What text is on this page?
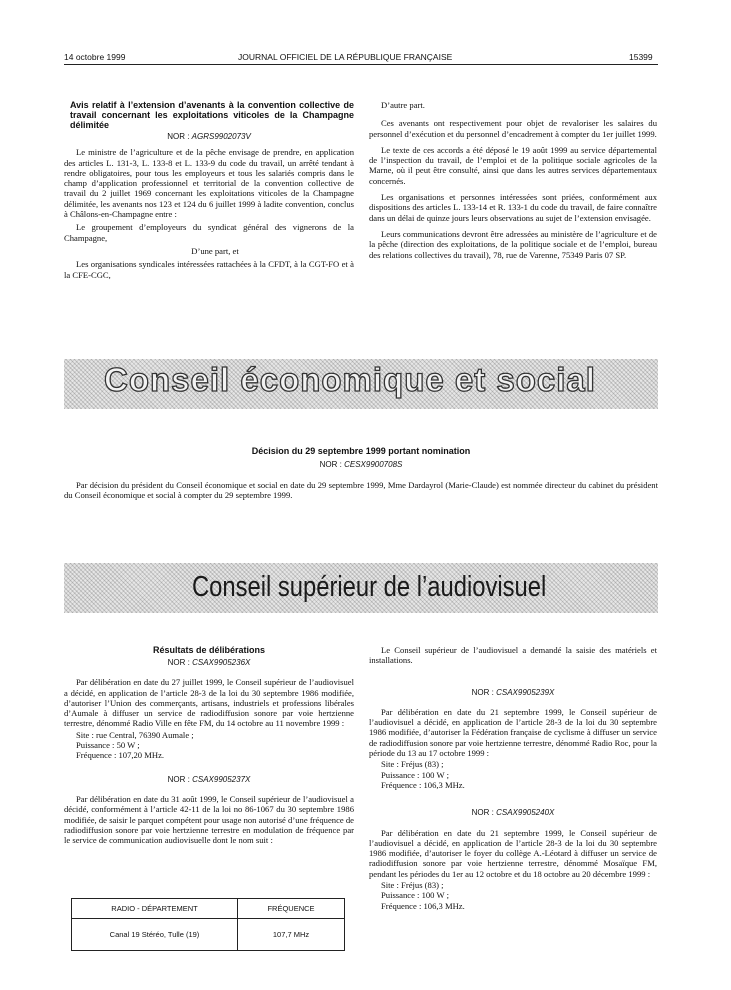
14 octobre 1999	JOURNAL OFFICIEL DE LA RÉPUBLIQUE FRANÇAISE	15399
Avis relatif à l’extension d’avenants à la convention collective de travail concernant les exploitations viticoles de la Champagne délimitée
NOR : AGRS9902073V

Le ministre de l’agriculture et de la pêche envisage de prendre, en application des articles L. 131-3, L. 133-8 et L. 133-9 du code du travail, un arrêté tendant à rendre obligatoires, pour tous les employeurs et tous les salariés compris dans le champ d’application professionnel et territorial de la convention collective de travail du 2 juillet 1969 concernant les exploitations viticoles de la Champagne délimitée, les avenants nos 123 et 124 du 6 juillet 1999 à ladite convention, conclus à Châlons-en-Champagne entre :

Le groupement d’employeurs du syndicat général des vignerons de la Champagne,

D’une part, et

Les organisations syndicales intéressées rattachées à la CFDT, à la CGT-FO et à la CFE-CGC,

D’autre part.

Ces avenants ont respectivement pour objet de revaloriser les salaires du personnel d’exécution et du personnel d’encadrement à compter du 1er juillet 1999.

Le texte de ces accords a été déposé le 19 août 1999 au service départemental de l’inspection du travail, de l’emploi et de la politique sociale agricoles de la Marne, où il peut être consulté, ainsi que dans les autres services départementaux concernés.

Les organisations et personnes intéressées sont priées, conformément aux dispositions des articles L. 133-14 et R. 133-1 du code du travail, de faire connaître dans un délai de quinze jours leurs observations au sujet de l’extension envisagée.

Leurs communications devront être adressées au ministère de l’agriculture et de la pêche (direction des exploitations, de la politique sociale et de l’emploi, bureau des relations collectives du travail), 78, rue de Varenne, 75349 Paris 07 SP.

Conseil économique et social
Décision du 29 septembre 1999 portant nomination
NOR : CESX9900708S

Par décision du président du Conseil économique et social en date du 29 septembre 1999, Mme Dardayrol (Marie-Claude) est nommée directeur du cabinet du président du Conseil économique et social à compter du 29 septembre 1999.

Conseil supérieur de l’audiovisuel
Résultats de délibérations
NOR : CSAX9905236X

Par délibération en date du 27 juillet 1999, le Conseil supérieur de l’audiovisuel a décidé, en application de l’article 28-3 de la loi du 30 septembre 1986 modifiée, d’autoriser l’Union des commerçants, artisans, industriels et professions libérales d’Aumale à diffuser un service de radiodiffusion sonore par voie hertzienne terrestre, dénommé Radio Ville en fête FM, du 14 octobre au 11 novembre 1999 :

Site : rue Central, 76390 Aumale ;

Puissance : 50 W ;

Fréquence : 107,20 MHz.

NOR : CSAX9905237X

Par délibération en date du 31 août 1999, le Conseil supérieur de l’audiovisuel a décidé, conformément à l’article 42-11 de la loi no 86-1067 du 30 septembre 1986 modifiée, de saisir le parquet compétent pour usage non autorisé d’une fréquence de radiodiffusion sonore par voie hertzienne terrestre en modulation de fréquence par le service de communication audiovisuelle dont le nom suit :

RADIO - DÉPARTEMENT	FRÉQUENCE
Canal 19 Stéréo, Tulle (19)	107,7 MHz

Le Conseil supérieur de l’audiovisuel a demandé la saisie des matériels et installations.

NOR : CSAX9905239X

Par délibération en date du 21 septembre 1999, le Conseil supérieur de l’audiovisuel a décidé, en application de l’article 28-3 de la loi du 30 septembre 1986 modifiée, d’autoriser la Fédération française de cyclisme à diffuser un service de radiodiffusion sonore par voie hertzienne terrestre, dénommé Radio Roc, pour la période du 13 au 17 octobre 1999 :

Site : Fréjus (83) ;

Puissance : 100 W ;

Fréquence : 106,3 MHz.

NOR : CSAX9905240X

Par délibération en date du 21 septembre 1999, le Conseil supérieur de l’audiovisuel a décidé, en application de l’article 28-3 de la loi du 30 septembre 1986 modifiée, d’autoriser le foyer du collège A.-Léotard à diffuser un service de radiodiffusion sonore par voie hertzienne terrestre, dénommé Mosaïque FM, pendant les périodes du 1er au 12 octobre et du 18 octobre au 20 décembre 1999 :

Site : Fréjus (83) ;

Puissance : 100 W ;

Fréquence : 106,3 MHz.
